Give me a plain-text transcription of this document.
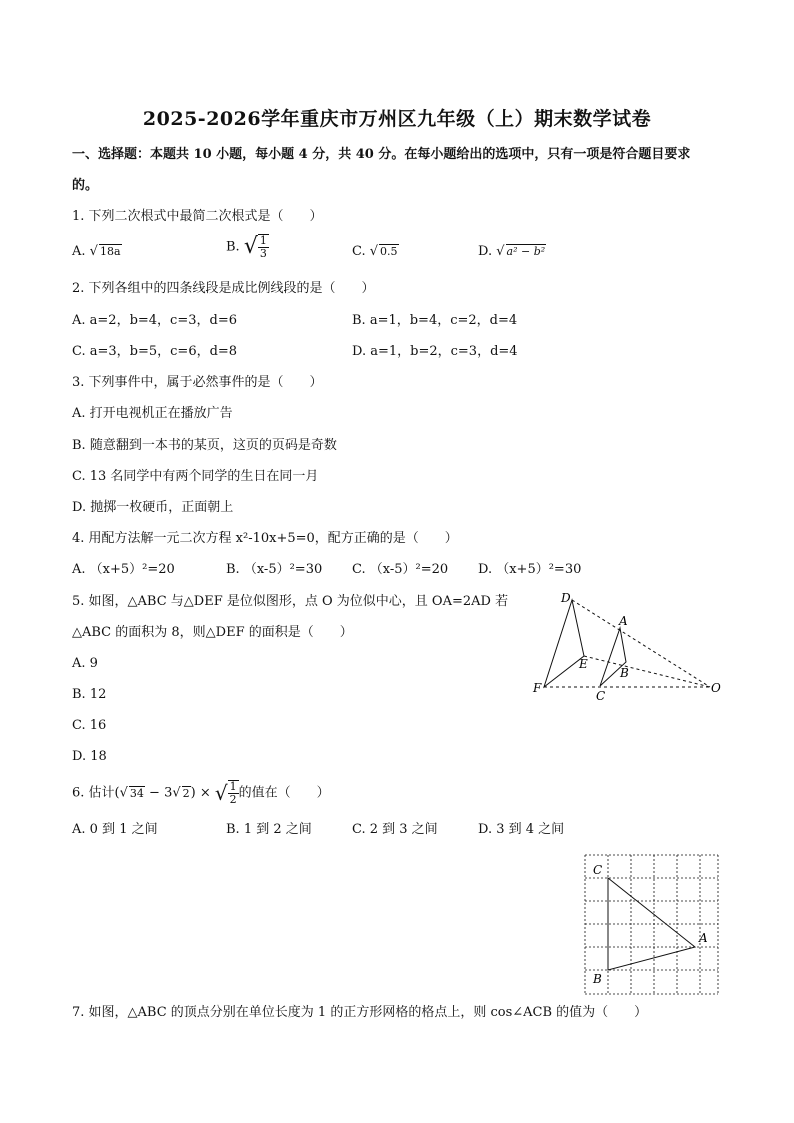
2025-2026学年重庆市万州区九年级（上）期末数学试卷
一、选择题：本题共 10 小题，每小题 4 分，共 40 分。在每小题给出的选项中，只有一项是符合题目要求
的。
1. 下列二次根式中最简二次根式是（　　）
A. √ 18a	B. √ $\frac{1}{3}$	C. √ 0.5	D. √ a² − b²
2. 下列各组中的四条线段是成比例线段的是（　　）
A. a=2，b=4，c=3，d=6	B. a=1，b=4，c=2，d=4
C. a=3，b=5，c=6，d=8	D. a=1，b=2，c=3，d=4
3. 下列事件中，属于必然事件的是（　　）
A. 打开电视机正在播放广告
B. 随意翻到一本书的某页，这页的页码是奇数
C. 13 名同学中有两个同学的生日在同一月
D. 抛掷一枚硬币，正面朝上
4. 用配方法解一元二次方程 x²-10x+5=0，配方正确的是（　　）
A. （x+5）²=20	B. （x-5）²=30 C. （x-5）²=20 D. （x+5）²=30
5. 如图，△ABC 与△DEF 是位似图形，点 O 为位似中心，且 OA=2AD 若
△ABC 的面积为 8，则△DEF 的面积是（　　）
A. 9
B. 12
C. 16
D. 18
D
A
E
B
F
C
O
6. 估计(√ 34 − 3√ 2) × √ $\frac{1}{2}$ 的值在（　　）
A. 0 到 1 之间	B. 1 到 2 之间	C. 2 到 3 之间	D. 3 到 4 之间
C
A
B
7. 如图，△ABC 的顶点分别在单位长度为 1 的正方形网格的格点上，则 cos∠ACB 的值为（　　）
